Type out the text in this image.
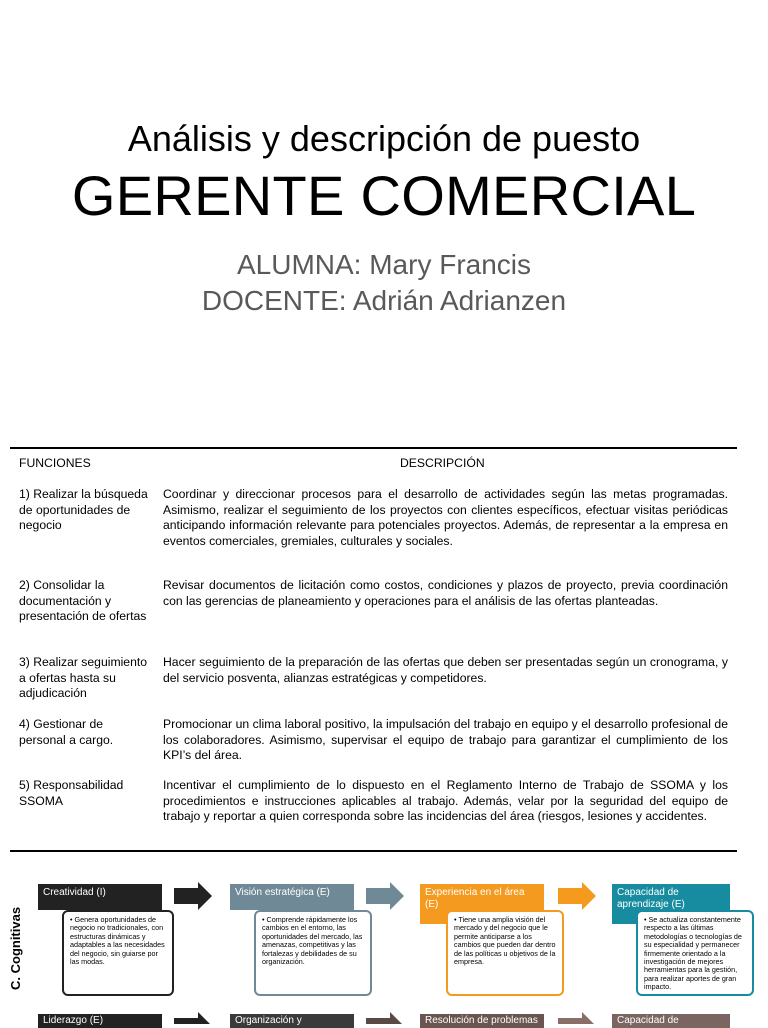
Análisis y descripción de puesto
GERENTE COMERCIAL
ALUMNA: Mary Francis
DOCENTE: Adrián Adrianzen
FUNCIONES	DESCRIPCIÓN
1) Realizar la búsqueda de oportunidades de negocio
Coordinar y direccionar procesos para el desarrollo de actividades según las metas programadas. Asimismo, realizar el seguimiento de los proyectos con clientes específicos, efectuar visitas periódicas anticipando información relevante para potenciales proyectos. Además, de representar a la empresa en eventos comerciales, gremiales, culturales y sociales.
2) Consolidar la documentación y presentación de ofertas
Revisar documentos de licitación como costos, condiciones y plazos de proyecto, previa coordinación con las gerencias de planeamiento y operaciones para el análisis de las ofertas planteadas.
3) Realizar seguimiento a ofertas hasta su adjudicación
Hacer seguimiento de la preparación de las ofertas que deben ser presentadas según un cronograma, y del servicio posventa, alianzas estratégicas y competidores.
4) Gestionar de personal a cargo.
Promocionar un clima laboral positivo, la impulsación del trabajo en equipo y el desarrollo profesional de los colaboradores. Asimismo, supervisar el equipo de trabajo para garantizar el cumplimiento de los KPI’s del área.
5) Responsabilidad SSOMA
Incentivar el cumplimiento de lo dispuesto en el Reglamento Interno de Trabajo de SSOMA y los procedimientos e instrucciones aplicables al trabajo. Además, velar por la seguridad del equipo de trabajo y reportar a quien corresponda sobre las incidencias del área (riesgos, lesiones y accidentes.
C. Cognitivas
Creatividad (I)
• Genera oportunidades de negocio no tradicionales, con estructuras dinámicas y adaptables a las necesidades del negocio, sin guiarse por las modas.
Visión estratégica (E)
• Comprende rápidamente los cambios en el entorno, las oportunidades del mercado, las amenazas, competitivas y las fortalezas y debilidades de su organización.
Experiencia en el área (E)
• Tiene una amplia visión del mercado y del negocio que le permite anticiparse a los cambios que pueden dar dentro de las políticas u objetivos de la empresa.
Capacidad de aprendizaje (E)
• Se actualiza constantemente respecto a las últimas metodologías o tecnologías de su especialidad y permanecer firmemente orientado a la investigación de mejores herramientas para la gestión, para realizar aportes de gran impacto.
Liderazgo (E)	Organización y	Resolución de problemas	Capacidad de
